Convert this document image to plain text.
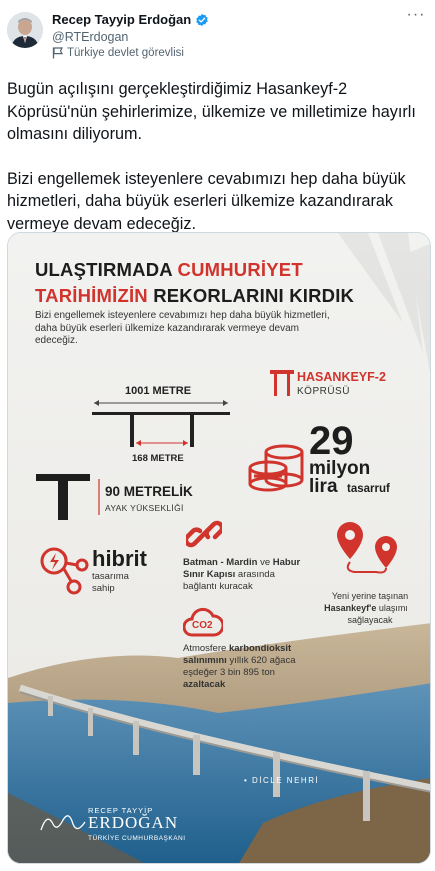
Recep Tayyip Erdoğan
@RTErdogan
Türkiye devlet görevlisi
···

Bugün açılışını gerçekleştirdiğimiz Hasankeyf-2 Köprüsü'nün şehirlerimize, ülkemize ve milletimize hayırlı olmasını diliyorum.

Bizi engellemek isteyenlere cevabımızı hep daha büyük hizmetleri, daha büyük eserleri ülkemize kazandırarak vermeye devam edeceğiz.

ULAŞTIRMADA CUMHURİYET
TARİHİMİZİN REKORLARINI KIRDIK
Bizi engellemek isteyenlere cevabımızı hep daha büyük hizmetleri, daha büyük eserleri ülkemize kazandırarak vermeye devam edeceğiz.
1001 METRE
168 METRE
HASANKEYF-2
KÖPRÜSÜ
90 METRELİK
AYAK YÜKSEKLİĞİ
29
milyon
lira tasarruf
hibrit
tasarıma
sahip
Batman - Mardin ve Habur
Sınır Kapısı arasında
bağlantı kuracak
Yeni yerine taşınan
Hasankeyf'e ulaşımı
sağlayacak
CO2
Atmosfere karbondioksit
salınımını yıllık 620 ağaca
eşdeğer 3 bin 895 ton
azaltacak
• DİCLE NEHRİ
RECEP TAYYİP
ERDOĞAN
TÜRKİYE CUMHURBAŞKANI
